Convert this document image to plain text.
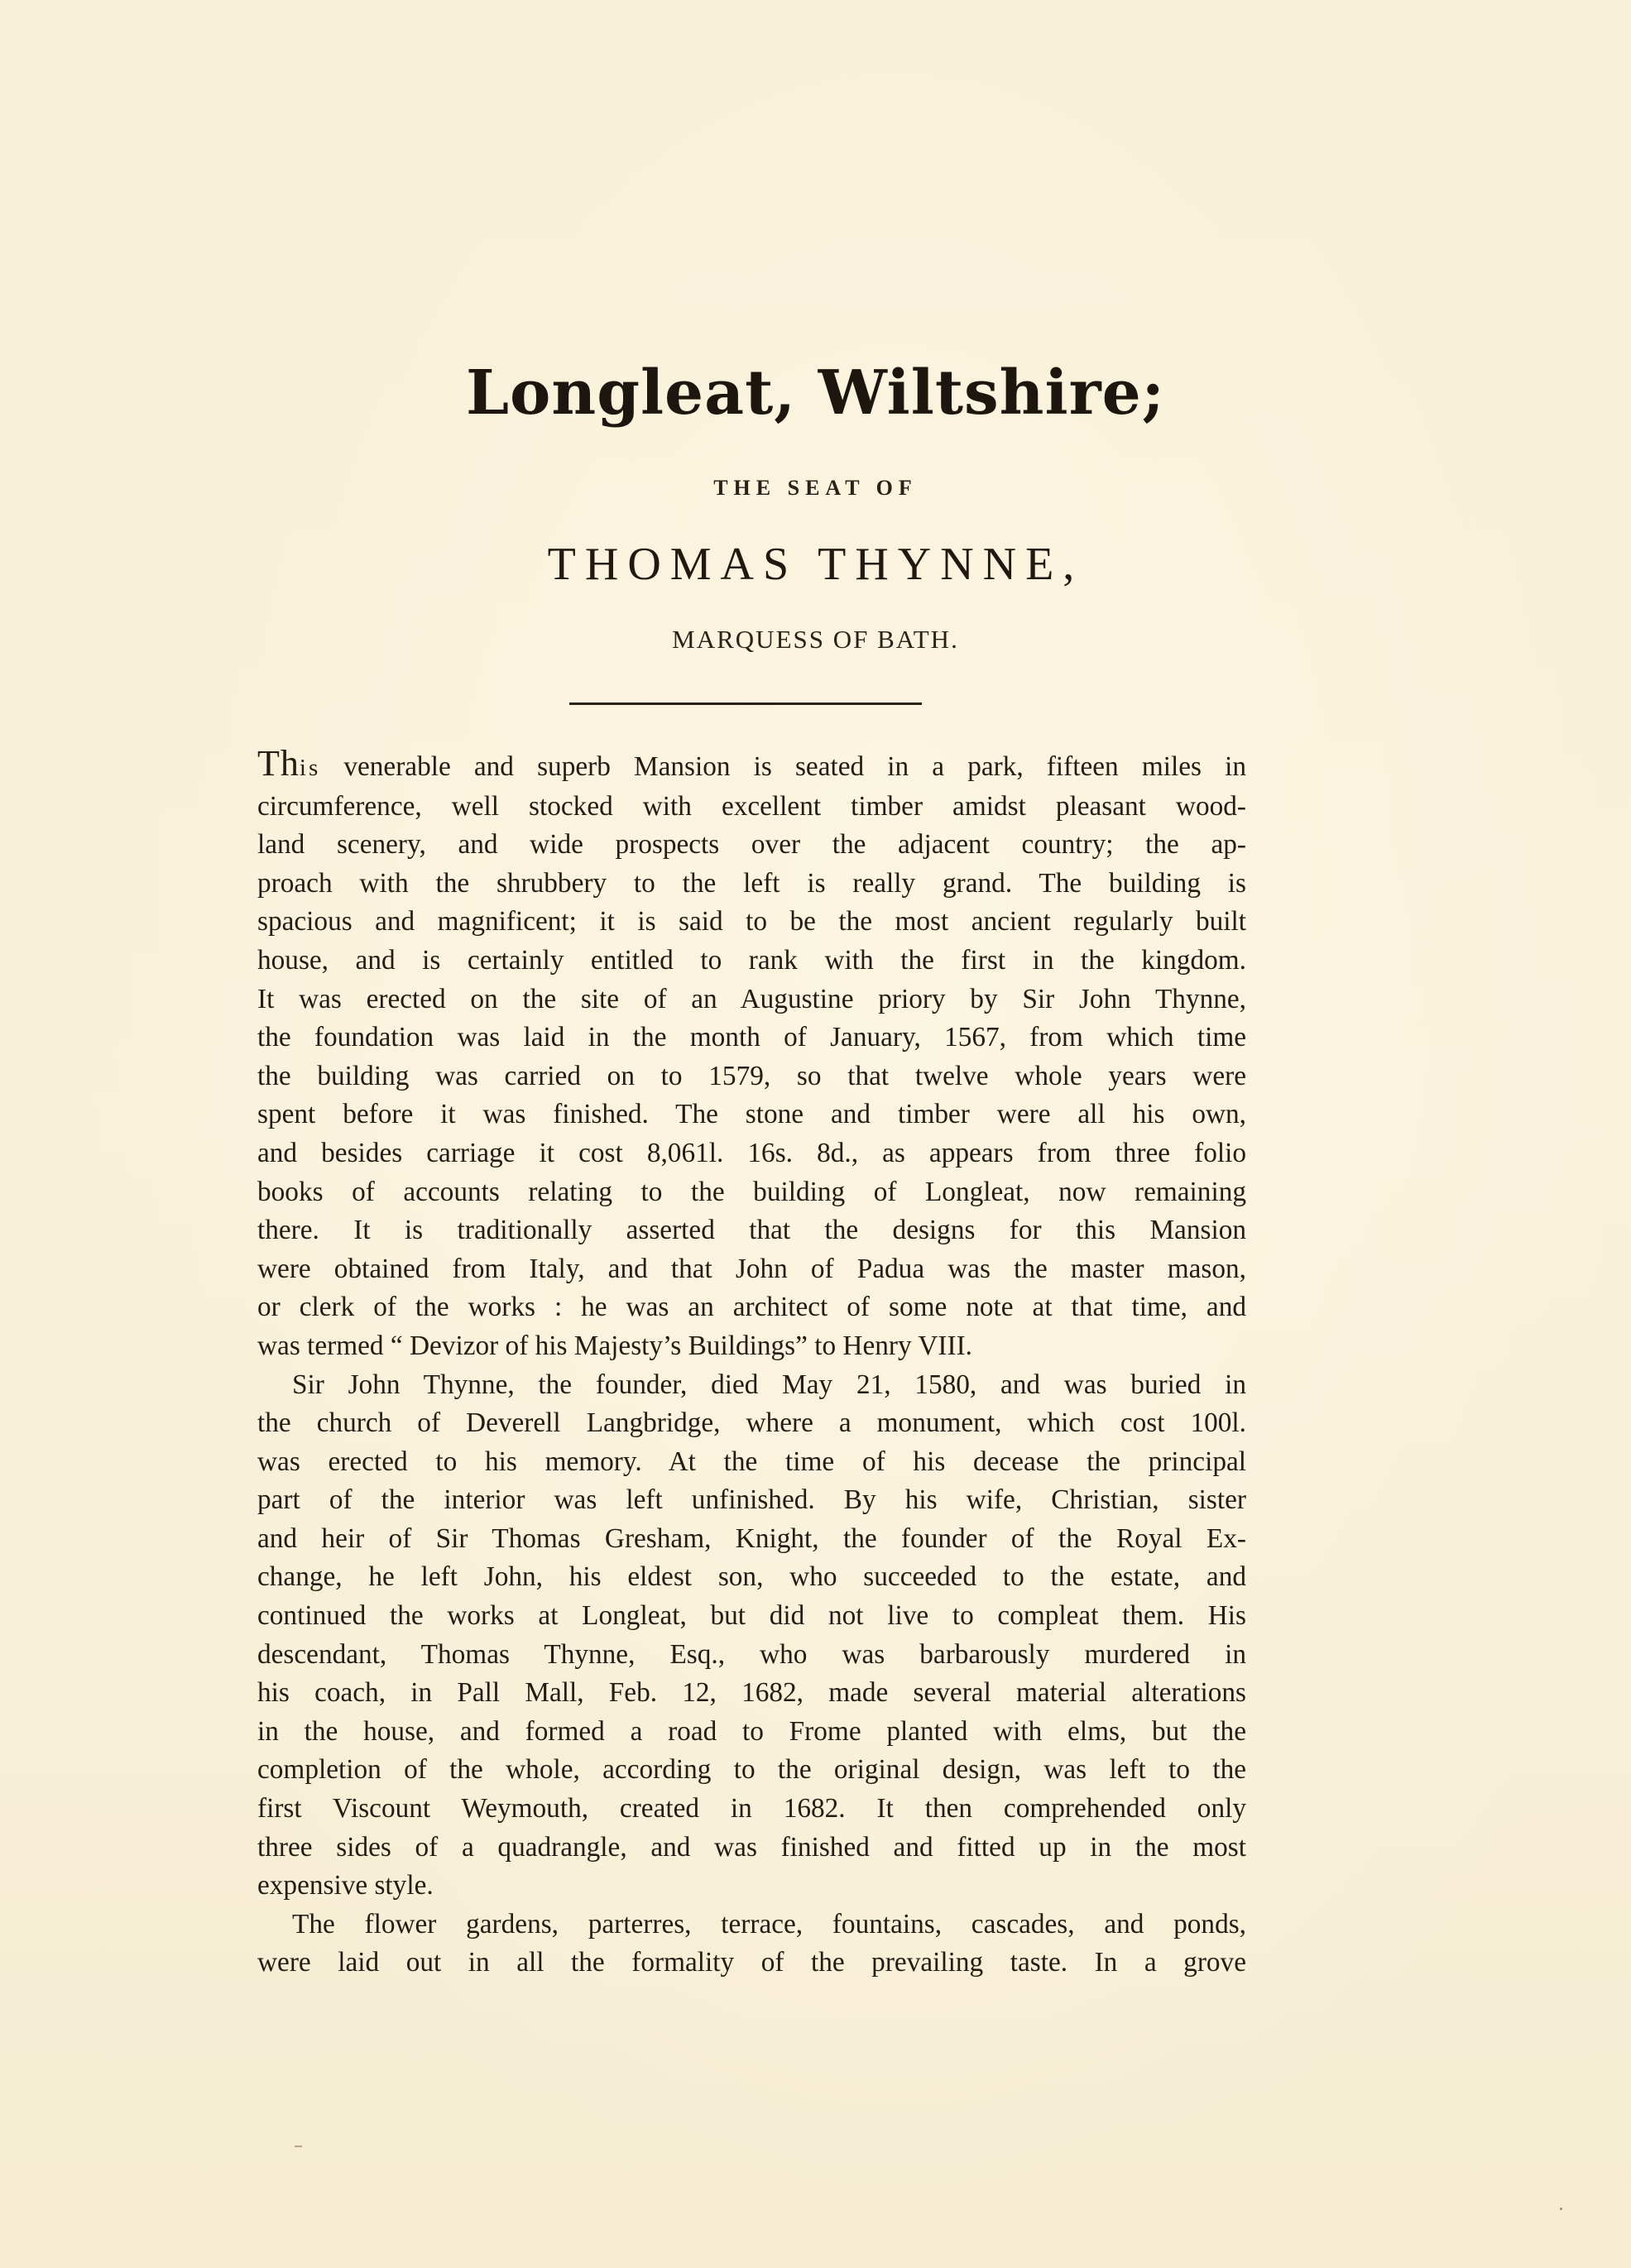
Longleat, Wiltshire;
THE SEAT OF
THOMAS THYNNE,
MARQUESS OF BATH.

This venerable and superb Mansion is seated in a park, fifteen miles in

circumference, well stocked with excellent timber amidst pleasant wood-

land scenery, and wide prospects over the adjacent country; the ap-

proach with the shrubbery to the left is really grand. The building is

spacious and magnificent; it is said to be the most ancient regularly built

house, and is certainly entitled to rank with the first in the kingdom.

It was erected on the site of an Augustine priory by Sir John Thynne,

the foundation was laid in the month of January, 1567, from which time

the building was carried on to 1579, so that twelve whole years were

spent before it was finished. The stone and timber were all his own,

and besides carriage it cost 8,061l. 16s. 8d., as appears from three folio

books of accounts relating to the building of Longleat, now remaining

there. It is traditionally asserted that the designs for this Mansion

were obtained from Italy, and that John of Padua was the master mason,

or clerk of the works : he was an architect of some note at that time, and

was termed “ Devizor of his Majesty’s Buildings” to Henry VIII.

Sir John Thynne, the founder, died May 21, 1580, and was buried in

the church of Deverell Langbridge, where a monument, which cost 100l.

was erected to his memory. At the time of his decease the principal

part of the interior was left unfinished. By his wife, Christian, sister

and heir of Sir Thomas Gresham, Knight, the founder of the Royal Ex-

change, he left John, his eldest son, who succeeded to the estate, and

continued the works at Longleat, but did not live to compleat them. His

descendant, Thomas Thynne, Esq., who was barbarously murdered in

his coach, in Pall Mall, Feb. 12, 1682, made several material alterations

in the house, and formed a road to Frome planted with elms, but the

completion of the whole, according to the original design, was left to the

first Viscount Weymouth, created in 1682. It then comprehended only

three sides of a quadrangle, and was finished and fitted up in the most

expensive style.

The flower gardens, parterres, terrace, fountains, cascades, and ponds,

were laid out in all the formality of the prevailing taste. In a grove
